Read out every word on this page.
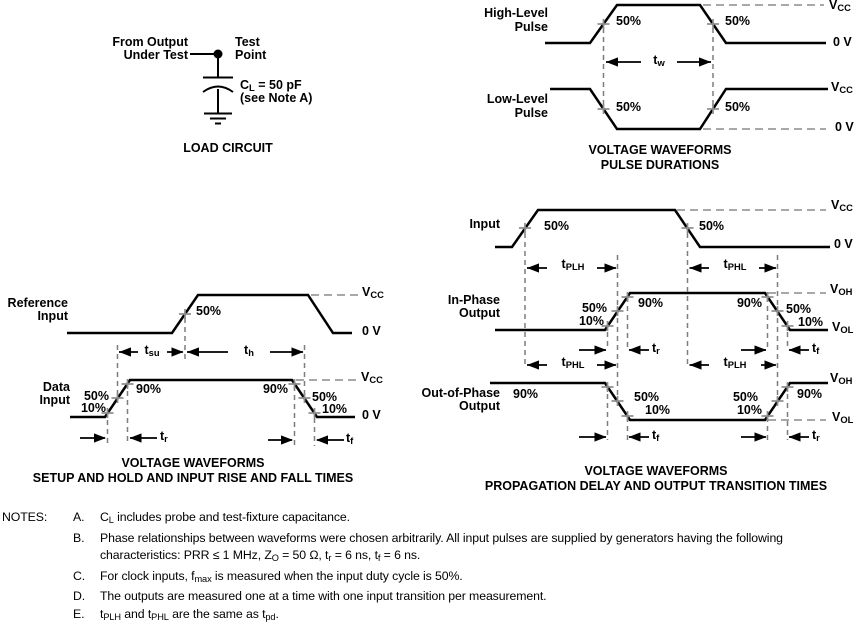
From Output
Under Test
Test
Point
$C_L = 50$ pF
(see Note A)
LOAD CIRCUIT
High-Level
Pulse
Low-Level
Pulse
50%	50%
50%	50%
$V_{CC}$
0 V
$V_{CC}$
0 V
$t_w$
VOLTAGE WAVEFORMS
PULSE DURATIONS
Reference
Input
Data
Input
50%
50%
10%
90%	90%
50%
10%
$V_{CC}$
0 V
$V_{CC}$
0 V
$t_{su}$	$t_h$
$t_r$	$t_f$
VOLTAGE WAVEFORMS
SETUP AND HOLD AND INPUT RISE AND FALL TIMES
Input	50%	50%
$V_{CC}$
0 V
$t_{PLH}$	$t_{PHL}$
In-Phase
Output	50%
10%
90%	90% 50%
10%
$V_{OH}$
$V_{OL}$
$t_r$	$t_f$
$t_{PHL}$	$t_{PLH}$
Out-of-Phase
Output
90%	50%
10%
50%
10%
90%
$V_{OH}$
$V_{OL}$
$t_f$	$t_r$
VOLTAGE WAVEFORMS
PROPAGATION DELAY AND OUTPUT TRANSITION TIMES
NOTES: A.	$C_L$ includes probe and test-fixture capacitance.
B.	Phase relationships between waveforms were chosen arbitrarily. All input pulses are supplied by generators having the following
characteristics: PRR ≤ 1 MHz, $Z_O = 50$ Ω, $t_r = 6$ ns, $t_f = 6$ ns.
C.	For clock inputs, $f_{max}$ is measured when the input duty cycle is 50%.
D.	The outputs are measured one at a time with one input transition per measurement.
E.	$t_{PLH}$ and $t_{PHL}$ are the same as $t_{pd}$.
